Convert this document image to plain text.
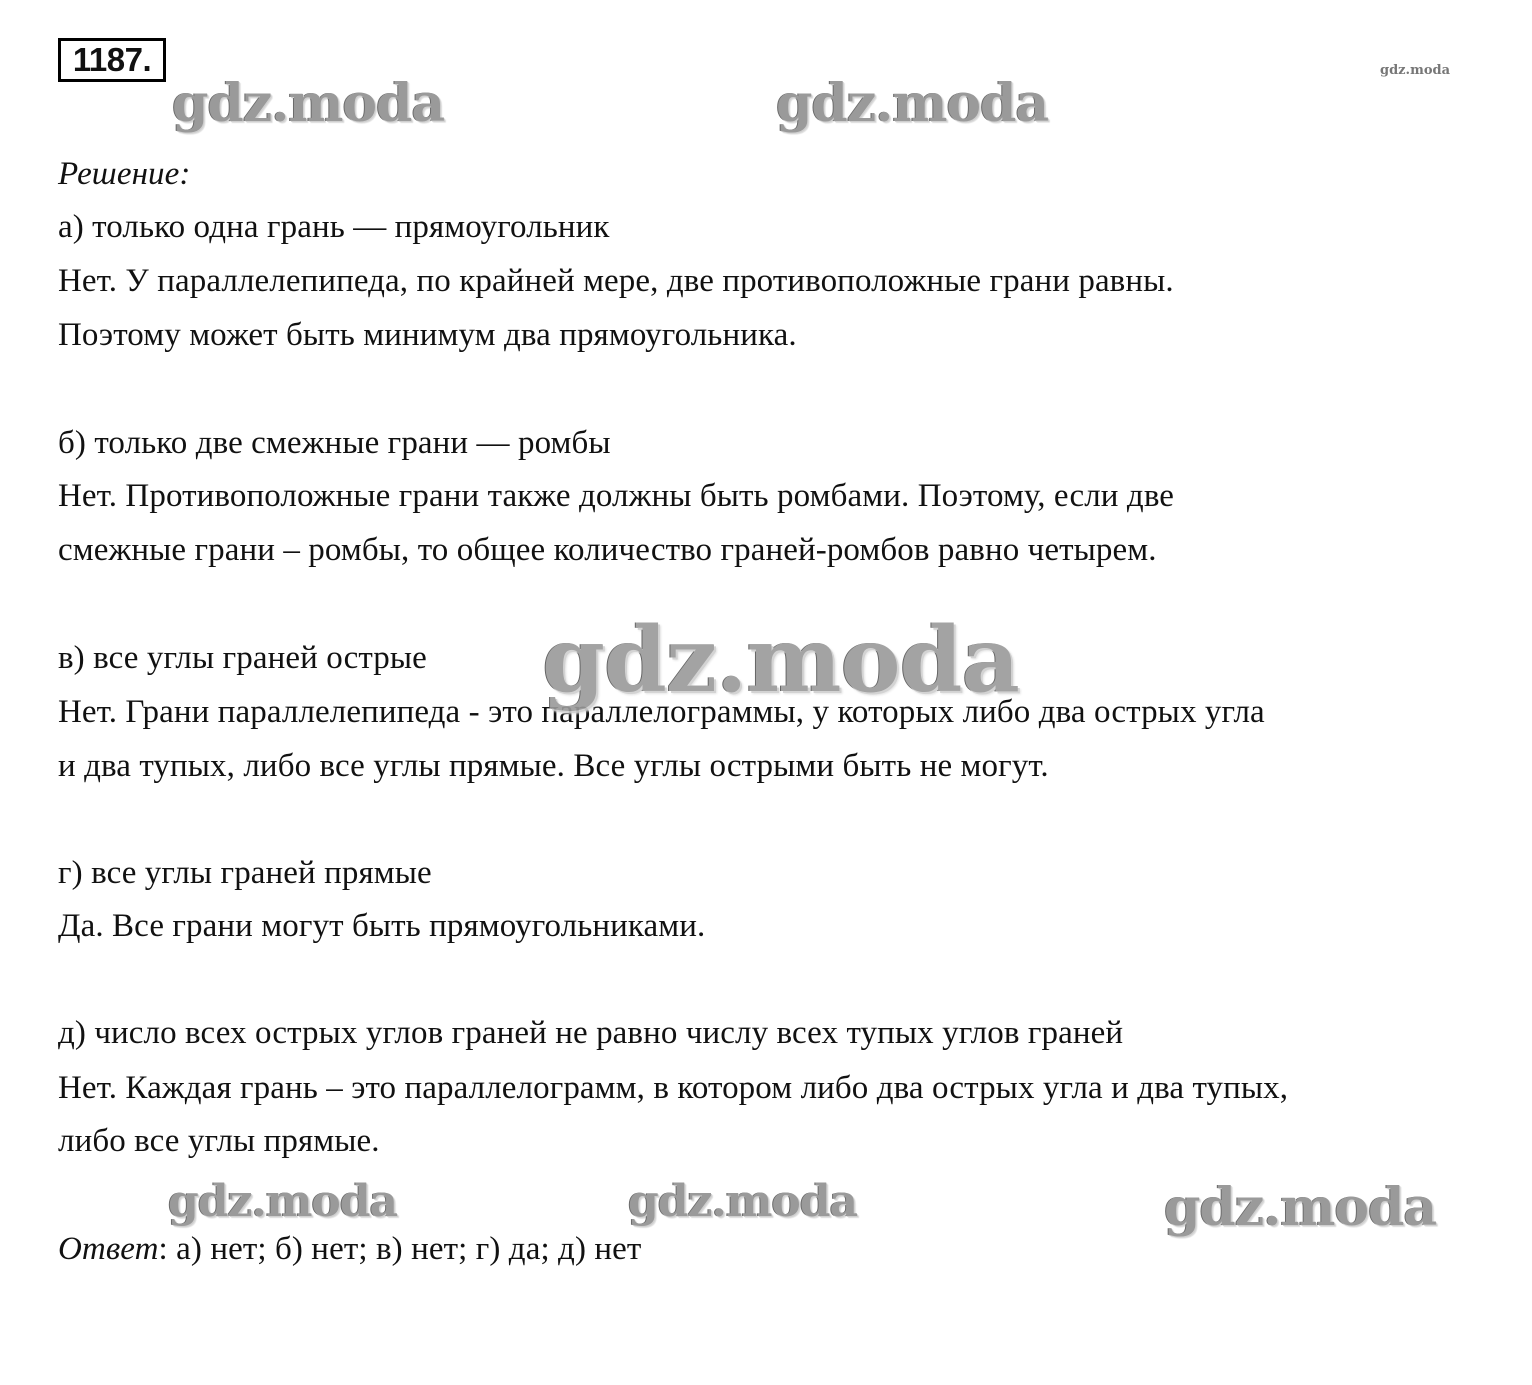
1187.	gdz.moda
gdz.moda	gdz.moda
Решение:
а) только одна грань — прямоугольник
Нет. У параллелепипеда, по крайней мере, две противоположные грани равны.
Поэтому может быть минимум два прямоугольника.
б) только две смежные грани — ромбы
Нет. Противоположные грани также должны быть ромбами. Поэтому, если две
смежные грани – ромбы, то общее количество граней-ромбов равно четырем.
в) все углы граней острые
Нет. Грани параллелепипеда - это параллелограммы, у которых либо два острых угла
и два тупых, либо все углы прямые. Все углы острыми быть не могут.
г) все углы граней прямые
Да. Все грани могут быть прямоугольниками.
д) число всех острых углов граней не равно числу всех тупых углов граней
Нет. Каждая грань – это параллелограмм, в котором либо два острых угла и два тупых,
либо все углы прямые.
gdz.moda
gdz.moda	gdz.moda	gdz.moda
Ответ: а) нет; б) нет; в) нет; г) да; д) нет
